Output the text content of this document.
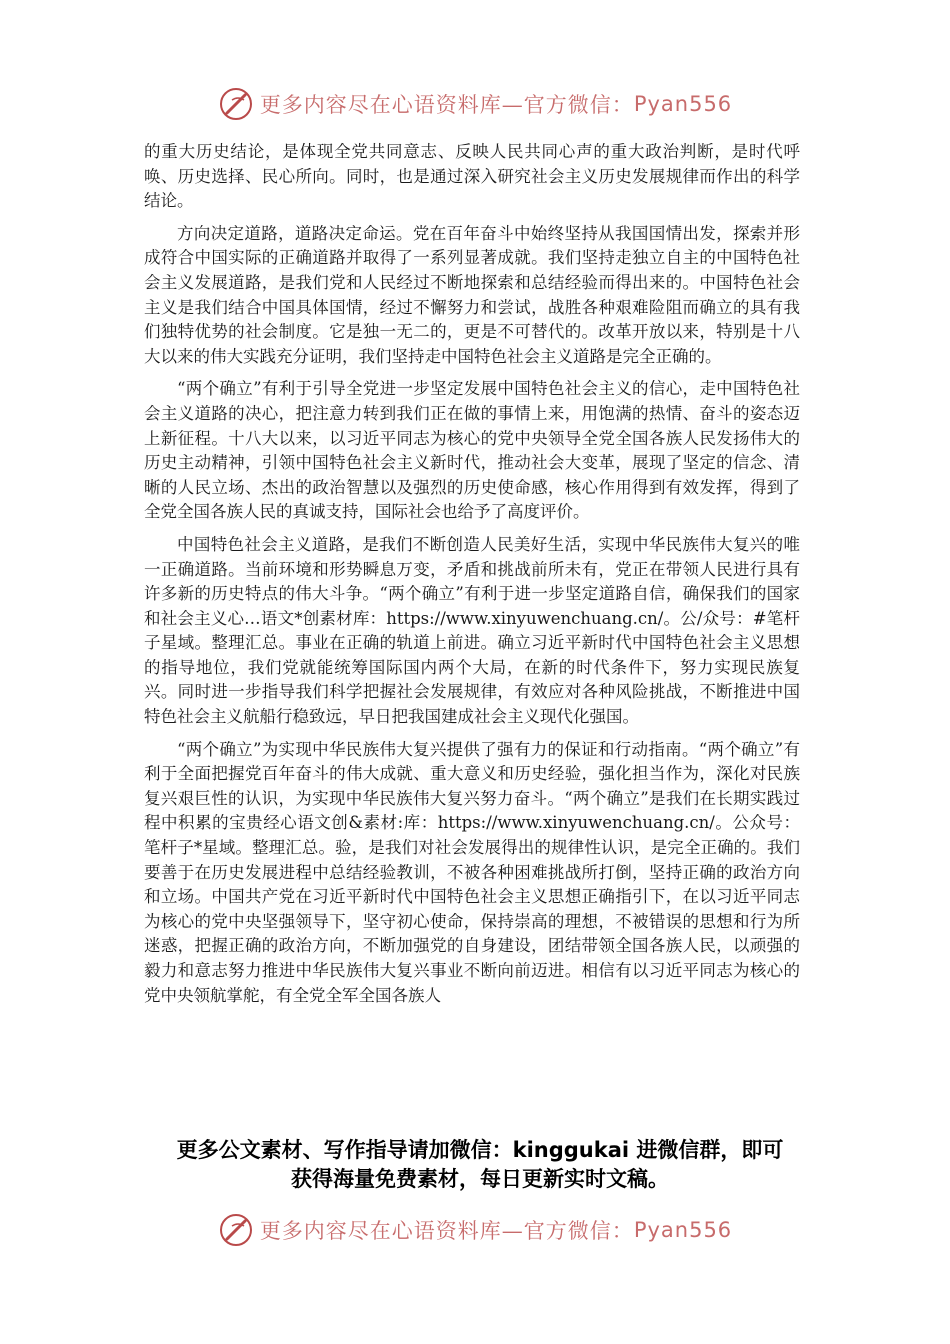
更多内容尽在心语资料库—官方微信： Pyan556

的重大历史结论，是体现全党共同意志、反映人民共同心声的重大政治判断，是时代呼唤、历史选择、民心所向。同时，也是通过深入研究社会主义历史发展规律而作出的科学结论。

方向决定道路，道路决定命运。党在百年奋斗中始终坚持从我国国情出发，探索并形成符合中国实际的正确道路并取得了一系列显著成就。我们坚持走独立自主的中国特色社会主义发展道路，是我们党和人民经过不断地探索和总结经验而得出来的。中国特色社会主义是我们结合中国具体国情，经过不懈努力和尝试，战胜各种艰难险阻而确立的具有我们独特优势的社会制度。它是独一无二的，更是不可替代的。改革开放以来，特别是十八大以来的伟大实践充分证明，我们坚持走中国特色社会主义道路是完全正确的。

“两个确立”有利于引导全党进一步坚定发展中国特色社会主义的信心，走中国特色社会主义道路的决心，把注意力转到我们正在做的事情上来，用饱满的热情、奋斗的姿态迈上新征程。十八大以来，以习近平同志为核心的党中央领导全党全国各族人民发扬伟大的历史主动精神，引领中国特色社会主义新时代，推动社会大变革，展现了坚定的信念、清晰的人民立场、杰出的政治智慧以及强烈的历史使命感，核心作用得到有效发挥，得到了全党全国各族人民的真诚支持，国际社会也给予了高度评价。

中国特色社会主义道路，是我们不断创造人民美好生活，实现中华民族伟大复兴的唯一正确道路。当前环境和形势瞬息万变，矛盾和挑战前所未有，党正在带领人民进行具有许多新的历史特点的伟大斗争。“两个确立”有利于进一步坚定道路自信，确保我们的国家和社会主义心…语文*创素材库：https://www.xinyuwenchuang.cn/。公/众号：#笔杆子星域。整理汇总。事业在正确的轨道上前进。确立习近平新时代中国特色社会主义思想的指导地位，我们党就能统筹国际国内两个大局，在新的时代条件下，努力实现民族复兴。同时进一步指导我们科学把握社会发展规律，有效应对各种风险挑战，不断推进中国特色社会主义航船行稳致远，早日把我国建成社会主义现代化强国。

“两个确立”为实现中华民族伟大复兴提供了强有力的保证和行动指南。“两个确立”有利于全面把握党百年奋斗的伟大成就、重大意义和历史经验，强化担当作为，深化对民族复兴艰巨性的认识，为实现中华民族伟大复兴努力奋斗。“两个确立”是我们在长期实践过程中积累的宝贵经心语文创&素材:库：https://www.xinyuwenchuang.cn/。公众号：笔杆子*星域。整理汇总。验，是我们对社会发展得出的规律性认识，是完全正确的。我们要善于在历史发展进程中总结经验教训，不被各种困难挑战所打倒，坚持正确的政治方向和立场。中国共产党在习近平新时代中国特色社会主义思想正确指引下，在以习近平同志为核心的党中央坚强领导下，坚守初心使命，保持崇高的理想，不被错误的思想和行为所迷惑，把握正确的政治方向，不断加强党的自身建设，团结带领全国各族人民，以顽强的毅力和意志努力推进中华民族伟大复兴事业不断向前迈进。相信有以习近平同志为核心的党中央领航掌舵，有全党全军全国各族人

更多公文素材、写作指导请加微信：kinggukai 进微信群，即可
获得海量免费素材，每日更新实时文稿。
更多内容尽在心语资料库—官方微信： Pyan556
